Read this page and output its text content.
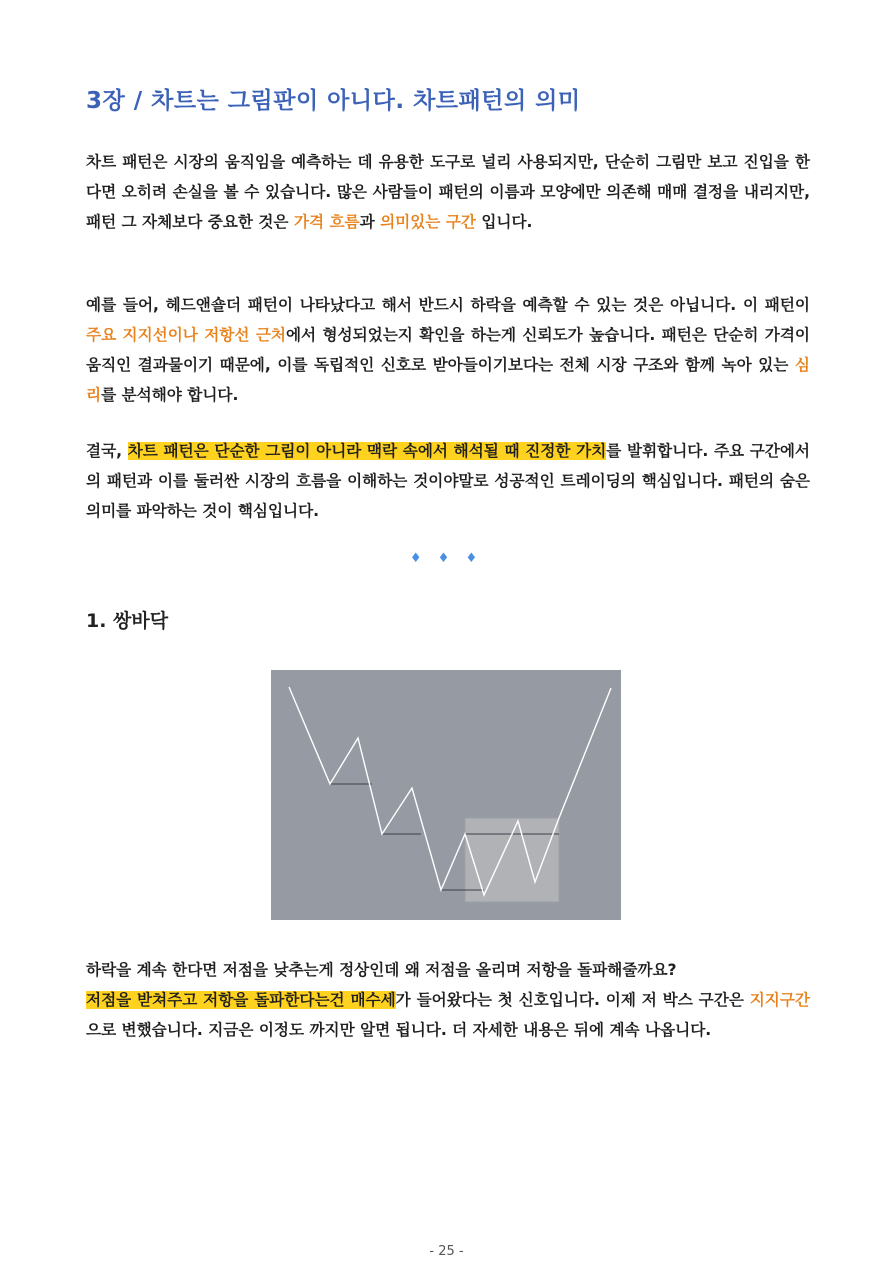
3장 / 차트는 그림판이 아니다. 차트패턴의 의미

차트 패턴은 시장의 움직임을 예측하는 데 유용한 도구로 널리 사용되지만, 단순히 그림만 보고 진입을 한다면 오히려 손실을 볼 수 있습니다. 많은 사람들이 패턴의 이름과 모양에만 의존해 매매 결정을 내리지만, 패턴 그 자체보다 중요한 것은 가격 흐름과 의미있는 구간 입니다.

예를 들어, 헤드앤숄더 패턴이 나타났다고 해서 반드시 하락을 예측할 수 있는 것은 아닙니다. 이 패턴이 주요 지지선이나 저항선 근처에서 형성되었는지 확인을 하는게 신뢰도가 높습니다. 패턴은 단순히 가격이 움직인 결과물이기 때문에, 이를 독립적인 신호로 받아들이기보다는 전체 시장 구조와 함께 녹아 있는 심리를 분석해야 합니다.

결국, 차트 패턴은 단순한 그림이 아니라 맥락 속에서 해석될 때 진정한 가치를 발휘합니다. 주요 구간에서의 패턴과 이를 둘러싼 시장의 흐름을 이해하는 것이야말로 성공적인 트레이딩의 핵심입니다. 패턴의 숨은 의미를 파악하는 것이 핵심입니다.

♦ ♦ ♦

1. 쌍바닥

하락을 계속 한다면 저점을 낮추는게 정상인데 왜 저점을 올리며 저항을 돌파해줄까요?
저점을 받쳐주고 저항을 돌파한다는건 매수세가 들어왔다는 첫 신호입니다. 이제 저 박스 구간은 지지구간으로 변했습니다. 지금은 이정도 까지만 알면 됩니다. 더 자세한 내용은 뒤에 계속 나옵니다.

- 25 -
